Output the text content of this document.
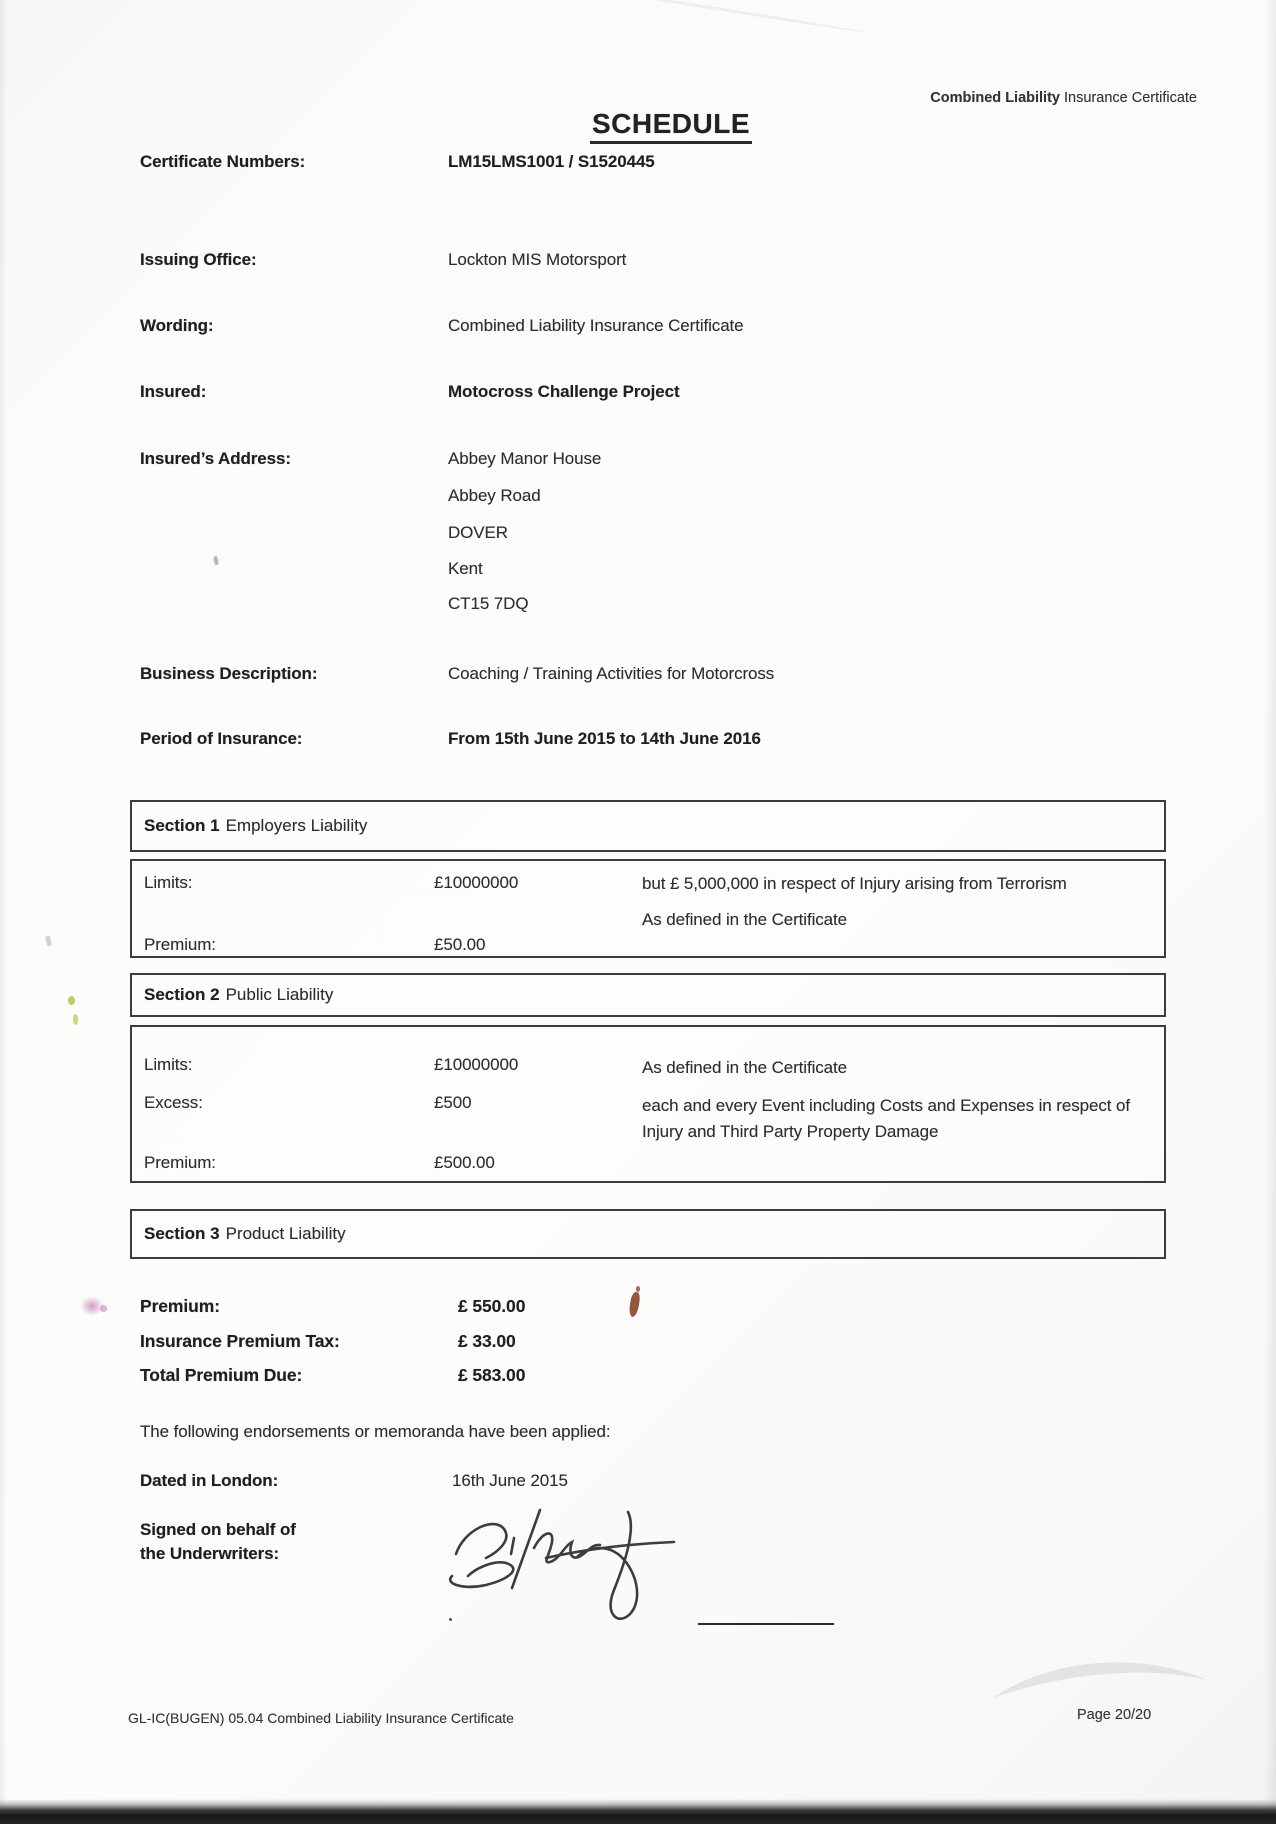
Combined Liability Insurance Certificate
SCHEDULE
Certificate Numbers:	LM15LMS1001 / S1520445
Issuing Office:	Lockton MIS Motorsport
Wording:	Combined Liability Insurance Certificate
Insured:	Motocross Challenge Project
Insured’s Address:	Abbey Manor House
Abbey Road
DOVER
Kent
CT15 7DQ
Business Description:	Coaching / Training Activities for Motorcross
Period of Insurance:	From 15th June 2015 to 14th June 2016
Section 1 Employers Liability
Limits:	£10000000	but £ 5,000,000 in respect of Injury arising from Terrorism
As defined in the Certificate
Premium:	£50.00
Section 2 Public Liability
Limits:	£10000000	As defined in the Certificate
Excess:	£500	each and every Event including Costs and Expenses in respect of Injury and Third Party Property Damage
Premium:	£500.00
Section 3 Product Liability
Premium:	£ 550.00
Insurance Premium Tax:	£ 33.00
Total Premium Due:	£ 583.00
The following endorsements or memoranda have been applied:
Dated in London:	16th June 2015
Signed on behalf of
the Underwriters:
GL-IC(BUGEN) 05.04 Combined Liability Insurance Certificate	Page 20/20
